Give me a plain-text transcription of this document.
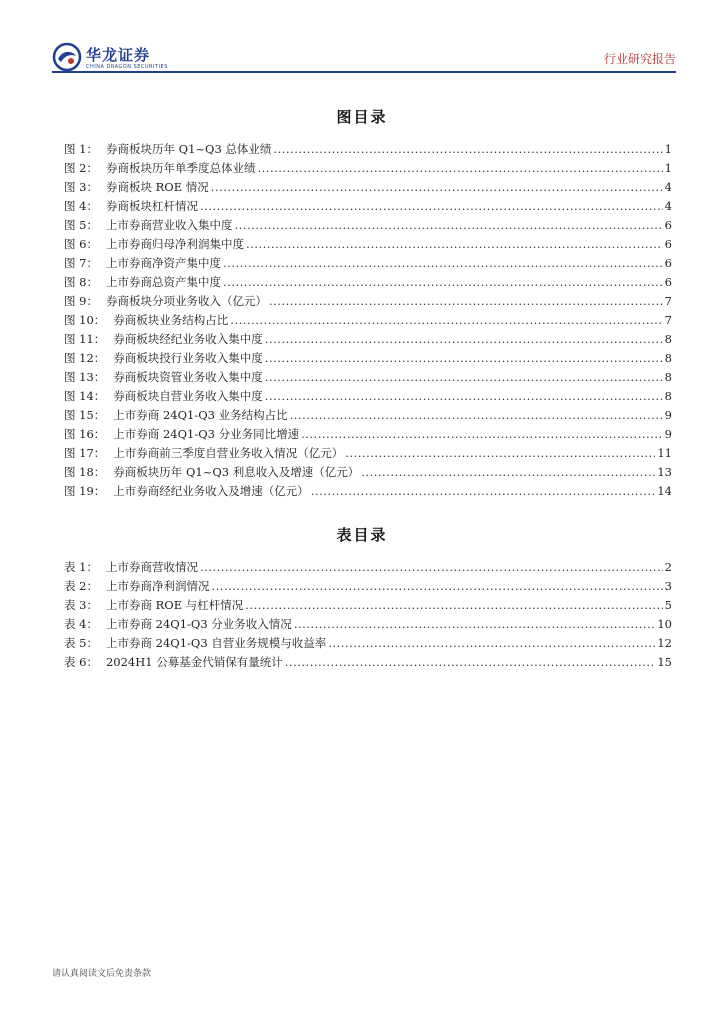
华龙证券
CHINA DRAGON SECURITIES
行业研究报告
图目录
图 1： 券商板块历年 Q1~Q3 总体业绩 .....	1
图 2： 券商板块历年单季度总体业绩 .....	1
图 3： 券商板块 ROE 情况 .....	4
图 4： 券商板块杠杆情况 .....	4
图 5： 上市券商营业收入集中度 .....	6
图 6： 上市券商归母净利润集中度 .....	6
图 7： 上市券商净资产集中度 .....	6
图 8： 上市券商总资产集中度 .....	6
图 9： 券商板块分项业务收入（亿元） .....	7
图 10： 券商板块业务结构占比 .....	7
图 11： 券商板块经纪业务收入集中度 .....	8
图 12： 券商板块投行业务收入集中度 .....	8
图 13： 券商板块资管业务收入集中度 .....	8
图 14： 券商板块自营业务收入集中度 .....	8
图 15： 上市券商 24Q1-Q3 业务结构占比 .....	9
图 16： 上市券商 24Q1-Q3 分业务同比增速 .....	9
图 17： 上市券商前三季度自营业务收入情况（亿元） .....	11
图 18： 券商板块历年 Q1~Q3 利息收入及增速（亿元） .....	13
图 19： 上市券商经纪业务收入及增速（亿元） .....	14
表目录
表 1： 上市券商营收情况 .....	2
表 2： 上市券商净利润情况 .....	3
表 3： 上市券商 ROE 与杠杆情况 .....	5
表 4： 上市券商 24Q1-Q3 分业务收入情况 .....	10
表 5： 上市券商 24Q1-Q3 自营业务规模与收益率 .....	12
表 6： 2024H1 公募基金代销保有量统计 .....	15
请认真阅读文后免责条款
